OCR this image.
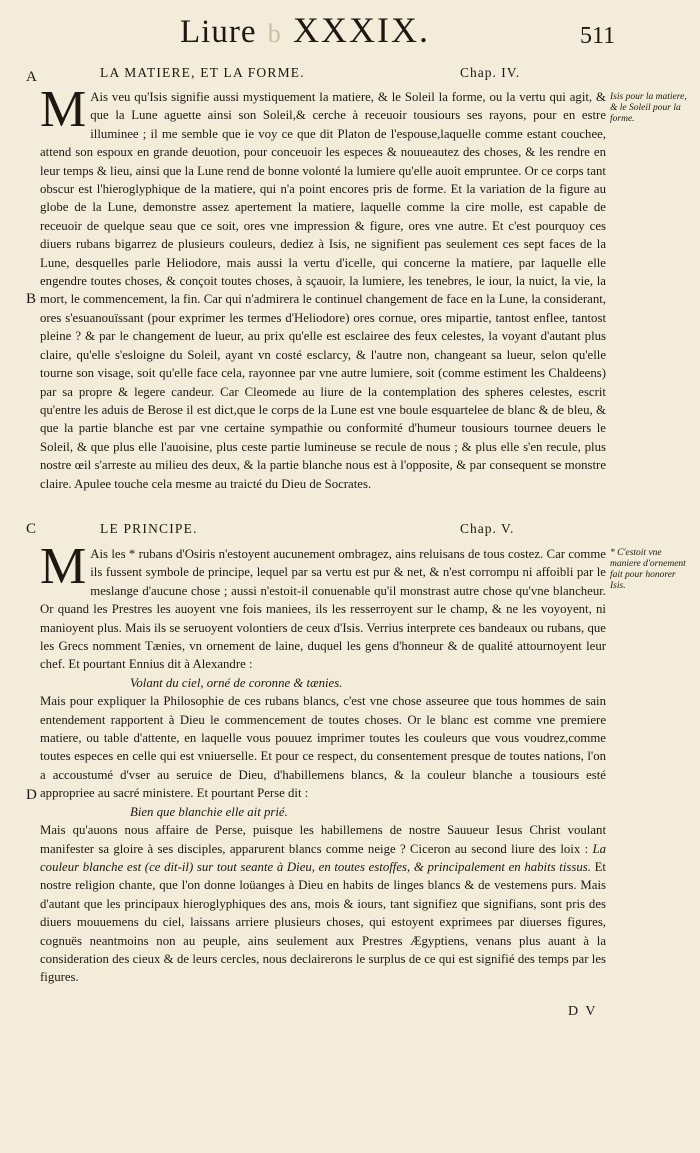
Liure b XXXIX.	511
A
B
C
D
LA MATIERE, ET LA FORME.	Chap. IV.

M Ais veu qu'Isis signifie aussi mystiquement la matiere, & le Soleil la forme, ou la vertu qui agit, & que la Lune aguette ainsi son Soleil,& cerche à receuoir tousiours ses rayons, pour en estre illuminee ; il me semble que ie voy ce que dit Platon de l'espouse,laquelle comme estant couchee, attend son espoux en grande deuotion, pour conceuoir les especes & nouueautez des choses, & les rendre en leur temps & lieu, ainsi que la Lune rend de bonne volonté la lumiere qu'elle auoit empruntee. Or ce corps tant obscur est l'hieroglyphique de la matiere, qui n'a point encores pris de forme. Et la variation de la figure au globe de la Lune, demonstre assez apertement la matiere, laquelle comme la cire molle, est capable de receuoir de quelque seau que ce soit, ores vne impression & figure, ores vne autre. Et c'est pourquoy ces diuers rubans bigarrez de plusieurs couleurs, dediez à Isis, ne signifient pas seulement ces sept faces de la Lune, desquelles parle Heliodore, mais aussi la vertu d'icelle, qui concerne la matiere, par laquelle elle engendre toutes choses, & conçoit toutes choses, à sçauoir, la lumiere, les tenebres, le iour, la nuict, la vie, la mort, le commencement, la fin. Car qui n'admirera le continuel changement de face en la Lune, la considerant, ores s'esuanouïssant (pour exprimer les termes d'Heliodore) ores cornue, ores mipartie, tantost enflee, tantost pleine ? & par le changement de lueur, au prix qu'elle est esclairee des feux celestes, la voyant d'autant plus claire, qu'elle s'esloigne du Soleil, ayant vn costé esclarcy, & l'autre non, changeant sa lueur, selon qu'elle tourne son visage, soit qu'elle face cela, rayonnee par vne autre lumiere, soit (comme estiment les Chaldeens) par sa propre & legere candeur. Car Cleomede au liure de la contemplation des spheres celestes, escrit qu'entre les aduis de Berose il est dict,que le corps de la Lune est vne boule esquartelee de blanc & de bleu, & que la partie blanche est par vne certaine sympathie ou conformité d'humeur tousiours tournee deuers le Soleil, & que plus elle l'auoisine, plus ceste partie lumineuse se recule de nous ; & plus elle s'en recule, plus nostre œil s'arreste au milieu des deux, & la partie blanche nous est à l'opposite, & par consequent se monstre claire. Apulee touche cela mesme au traicté du Dieu de Socrates.

Isis pour la matiere, & le Soleil pour la forme.
LE PRINCIPE.	Chap. V.

M Ais les * rubans d'Osiris n'estoyent aucunement ombragez, ains reluisans de tous costez. Car comme ils fussent symbole de principe, lequel par sa vertu est pur & net, & n'est corrompu ni affoibli par le meslange d'aucune chose ; aussi n'estoit-il conuenable qu'il monstrast autre chose qu'vne blancheur. Or quand les Prestres les auoyent vne fois maniees, ils les resserroyent sur le champ, & ne les voyoyent, ni manioyent plus. Mais ils se seruoyent volontiers de ceux d'Isis. Verrius interprete ces bandeaux ou rubans, que les Grecs nomment Tænies, vn ornement de laine, duquel les gens d'honneur & de qualité attournoyent leur chef. Et pourtant Ennius dit à Alexandre :

Volant du ciel, orné de coronne & tænies.

Mais pour expliquer la Philosophie de ces rubans blancs, c'est vne chose asseuree que tous hommes de sain entendement rapportent à Dieu le commencement de toutes choses. Or le blanc est comme vne premiere matiere, ou table d'attente, en laquelle vous pouuez imprimer toutes les couleurs que vous voudrez,comme toutes especes en celle qui est vniuerselle. Et pour ce respect, du consentement presque de toutes nations, l'on a accoustumé d'vser au seruice de Dieu, d'habillemens blancs, & la couleur blanche a tousiours esté appropriee au sacré ministere. Et pourtant Perse dit :

Bien que blanchie elle ait prié.

Mais qu'auons nous affaire de Perse, puisque les habillemens de nostre Sauueur Iesus Christ voulant manifester sa gloire à ses disciples, apparurent blancs comme neige ? Ciceron au second liure des loix : La couleur blanche est (ce dit-il) sur tout seante à Dieu, en toutes estoffes, & principalement en habits tissus. Et nostre religion chante, que l'on donne loüanges à Dieu en habits de linges blancs & de vestemens purs. Mais d'autant que les principaux hieroglyphiques des ans, mois & iours, tant signifiez que signifians, sont pris des diuers mouuemens du ciel, laissans arriere plusieurs choses, qui estoyent exprimees par diuerses figures, cognuës neantmoins non au peuple, ains seulement aux Prestres Ægyptiens, venans plus auant à la consideration des cieux & de leurs cercles, nous declairerons le surplus de ce qui est signifié des temps par les figures.

* C'estoit vne maniere d'ornement fait pour honorer Isis.
D V
